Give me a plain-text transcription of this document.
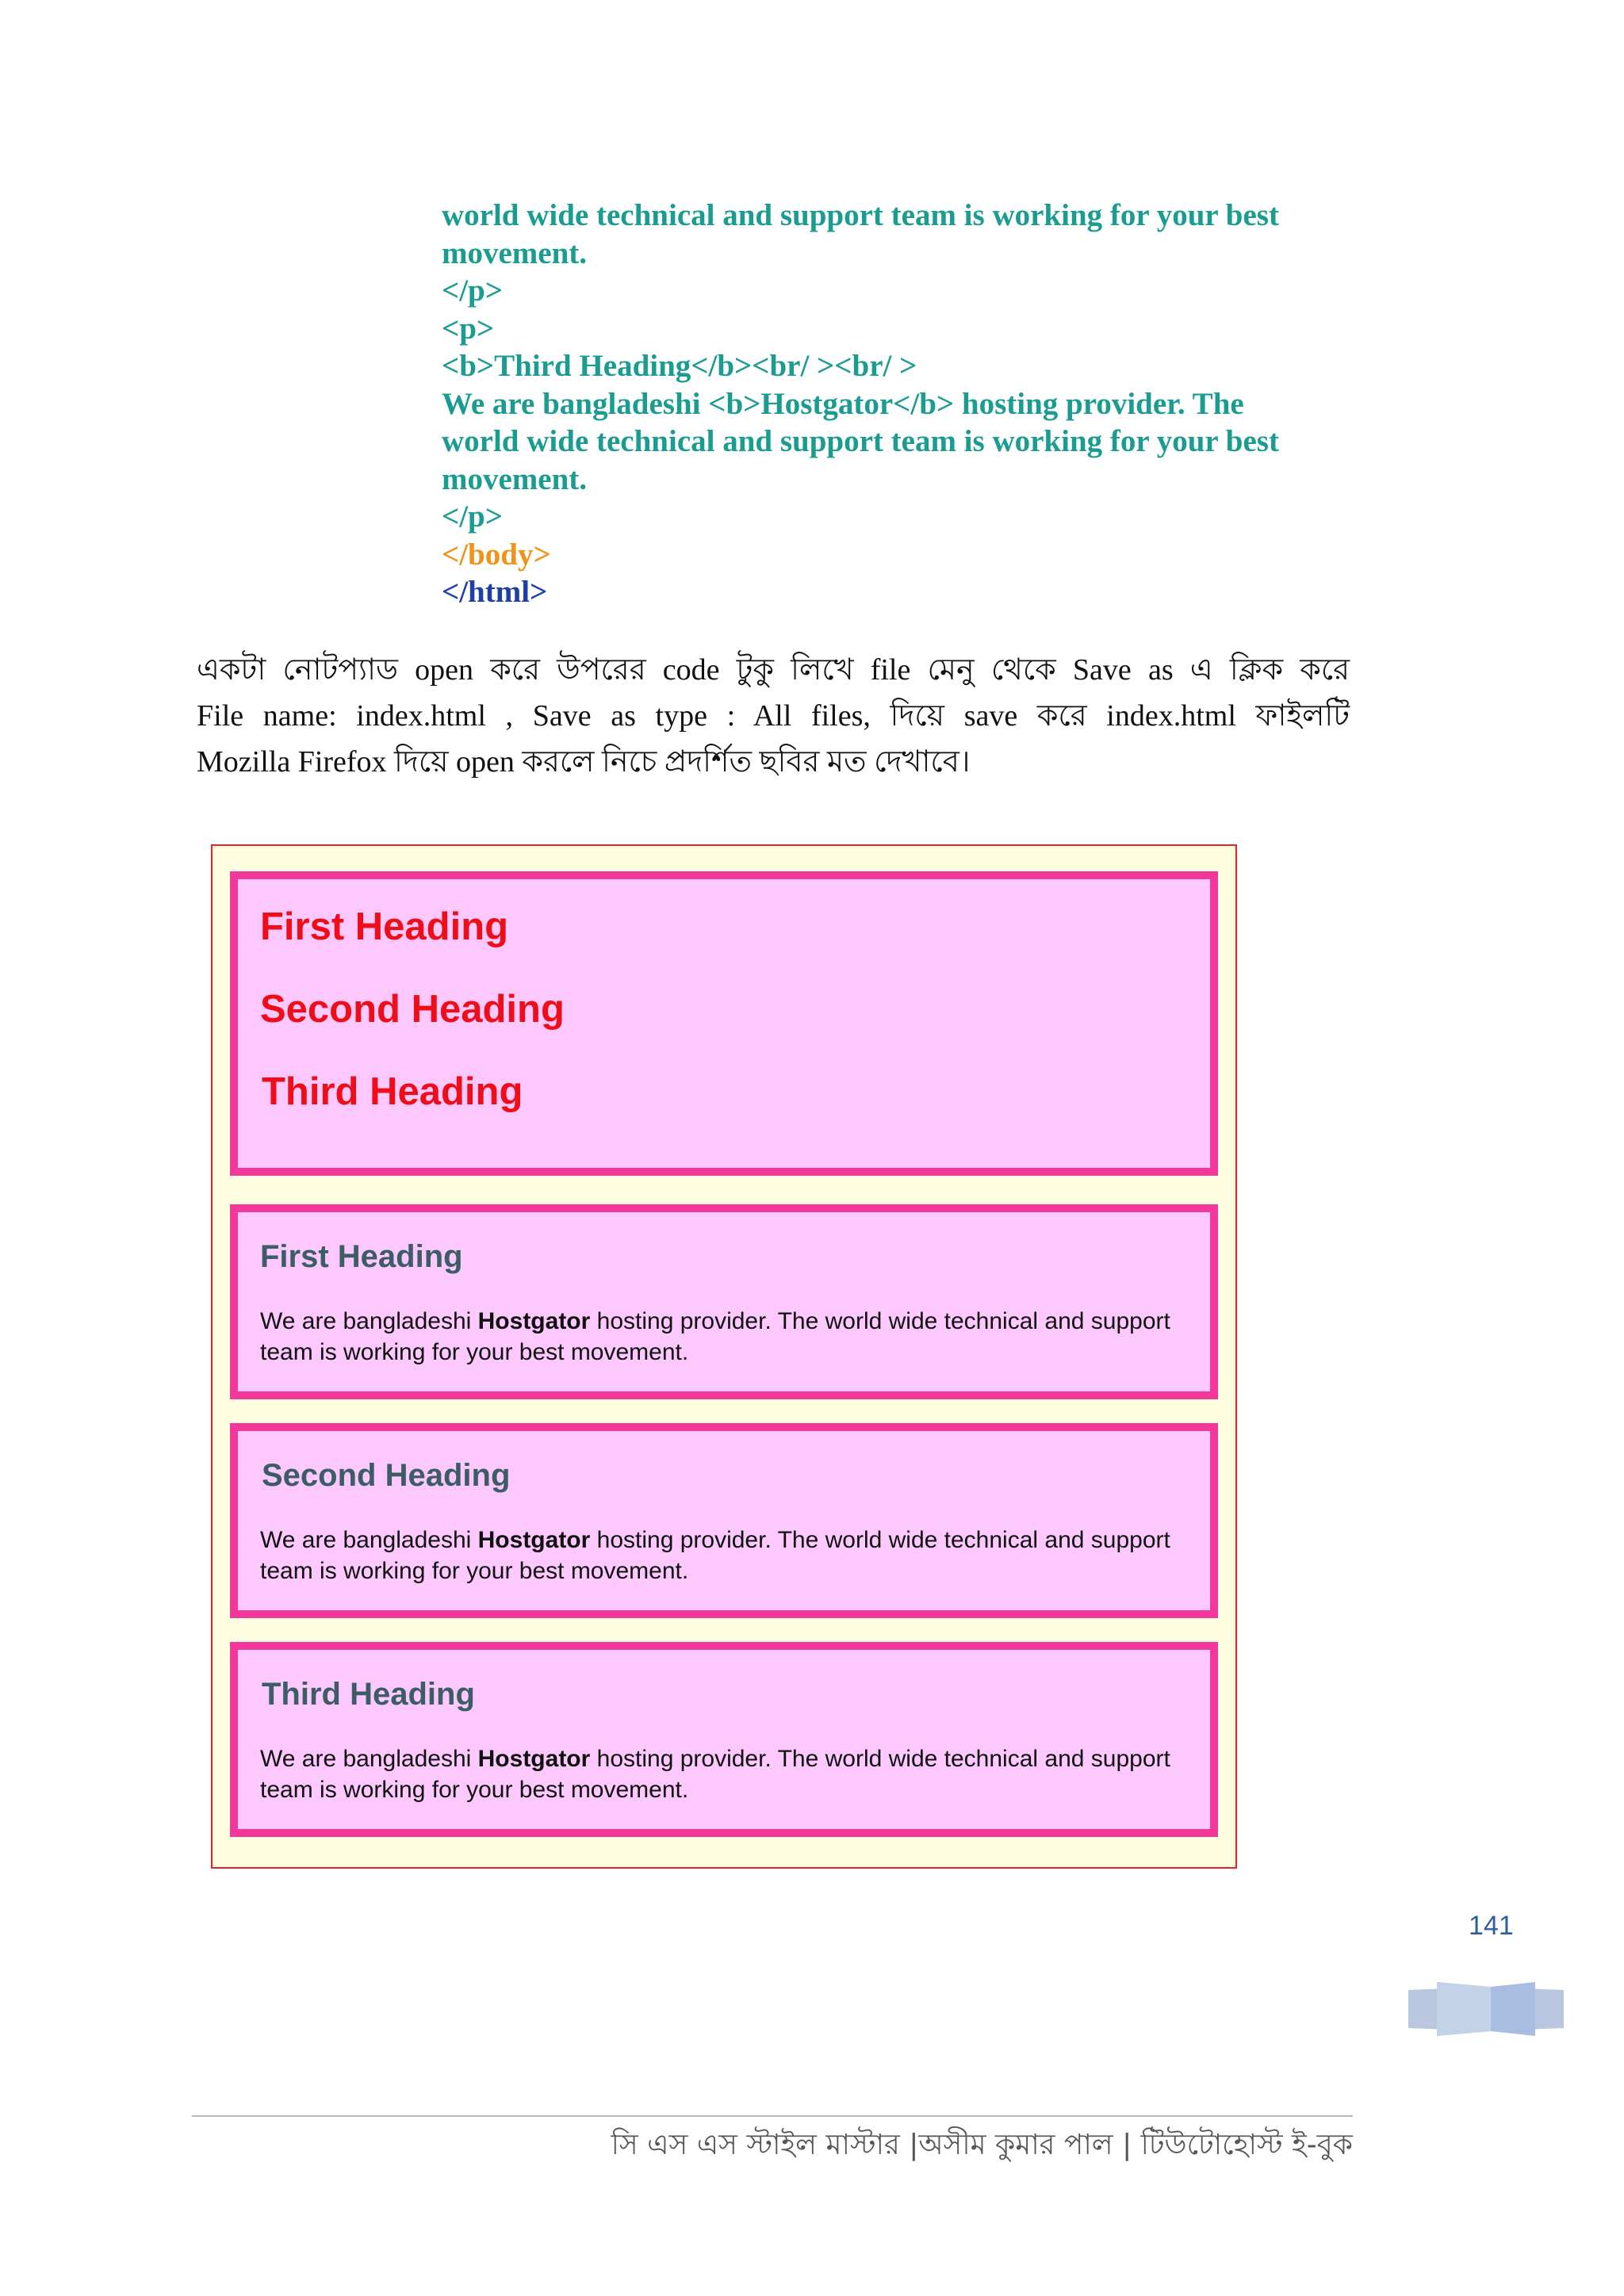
world wide technical and support team is working for your best
movement.
</p>
<p>
<b>Third Heading</b><br/ ><br/ >
We are bangladeshi <b>Hostgator</b> hosting provider. The
world wide technical and support team is working for your best
movement.
</p>
</body>
</html>
একটা নোটপ্যাড open করে উপরের code টুকু লিখে file মেনু থেকে Save as এ ক্লিক করে
File name: index.html , Save as type : All files, দিয়ে save করে index.html ফাইলটি
Mozilla Firefox দিয়ে open করলে নিচে প্রদর্শিত ছবির মত দেখাবে।
First Heading
Second Heading
Third Heading
First Heading

We are bangladeshi Hostgator hosting provider. The world wide technical and support team is working for your best movement.

Second Heading

We are bangladeshi Hostgator hosting provider. The world wide technical and support team is working for your best movement.

Third Heading

We are bangladeshi Hostgator hosting provider. The world wide technical and support team is working for your best movement.

141
সি এস এস স্টাইল মাস্টার |অসীম কুমার পাল | টিউটোহোস্ট ই-বুক
